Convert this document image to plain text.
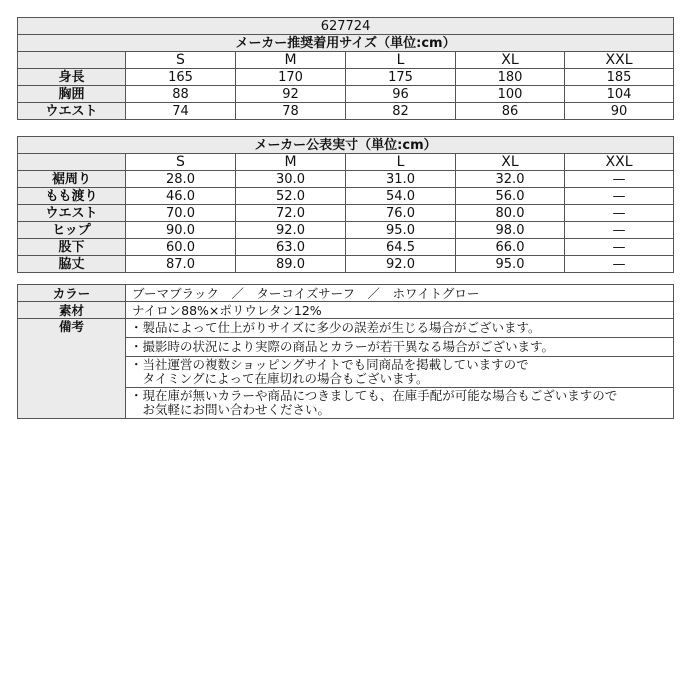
627724					
メーカー推奨着用サイズ（単位:cm）					
	S	M	L	XL	XXL
身長	165	170	175	180	185
胸囲	88	92	96	100	104
ウエスト	74	78	82	86	90
メーカー公表実寸（単位:cm）					
	S	M	L	XL	XXL
裾周り	28.0	30.0	31.0	32.0	—
もも渡り	46.0	52.0	54.0	56.0	—
ウエスト	70.0	72.0	76.0	80.0	—
ヒップ	90.0	92.0	95.0	98.0	—
股下	60.0	63.0	64.5	66.0	—
脇丈	87.0	89.0	92.0	95.0	—
カラー	ブーマブラック　／　ターコイズサーフ　／　ホワイトグロー
素材	ナイロン88%×ポリウレタン12%
備考	・製品によって仕上がりサイズに多少の誤差が生じる場合がございます。

	・撮影時の状況により実際の商品とカラーが若干異なる場合がございます。

	・当社運営の複数ショッピングサイトでも同商品を掲載していますので
　タイミングによって在庫切れの場合もございます。

	・現在庫が無いカラーや商品につきましても、在庫手配が可能な場合もございますので
　お気軽にお問い合わせください。
